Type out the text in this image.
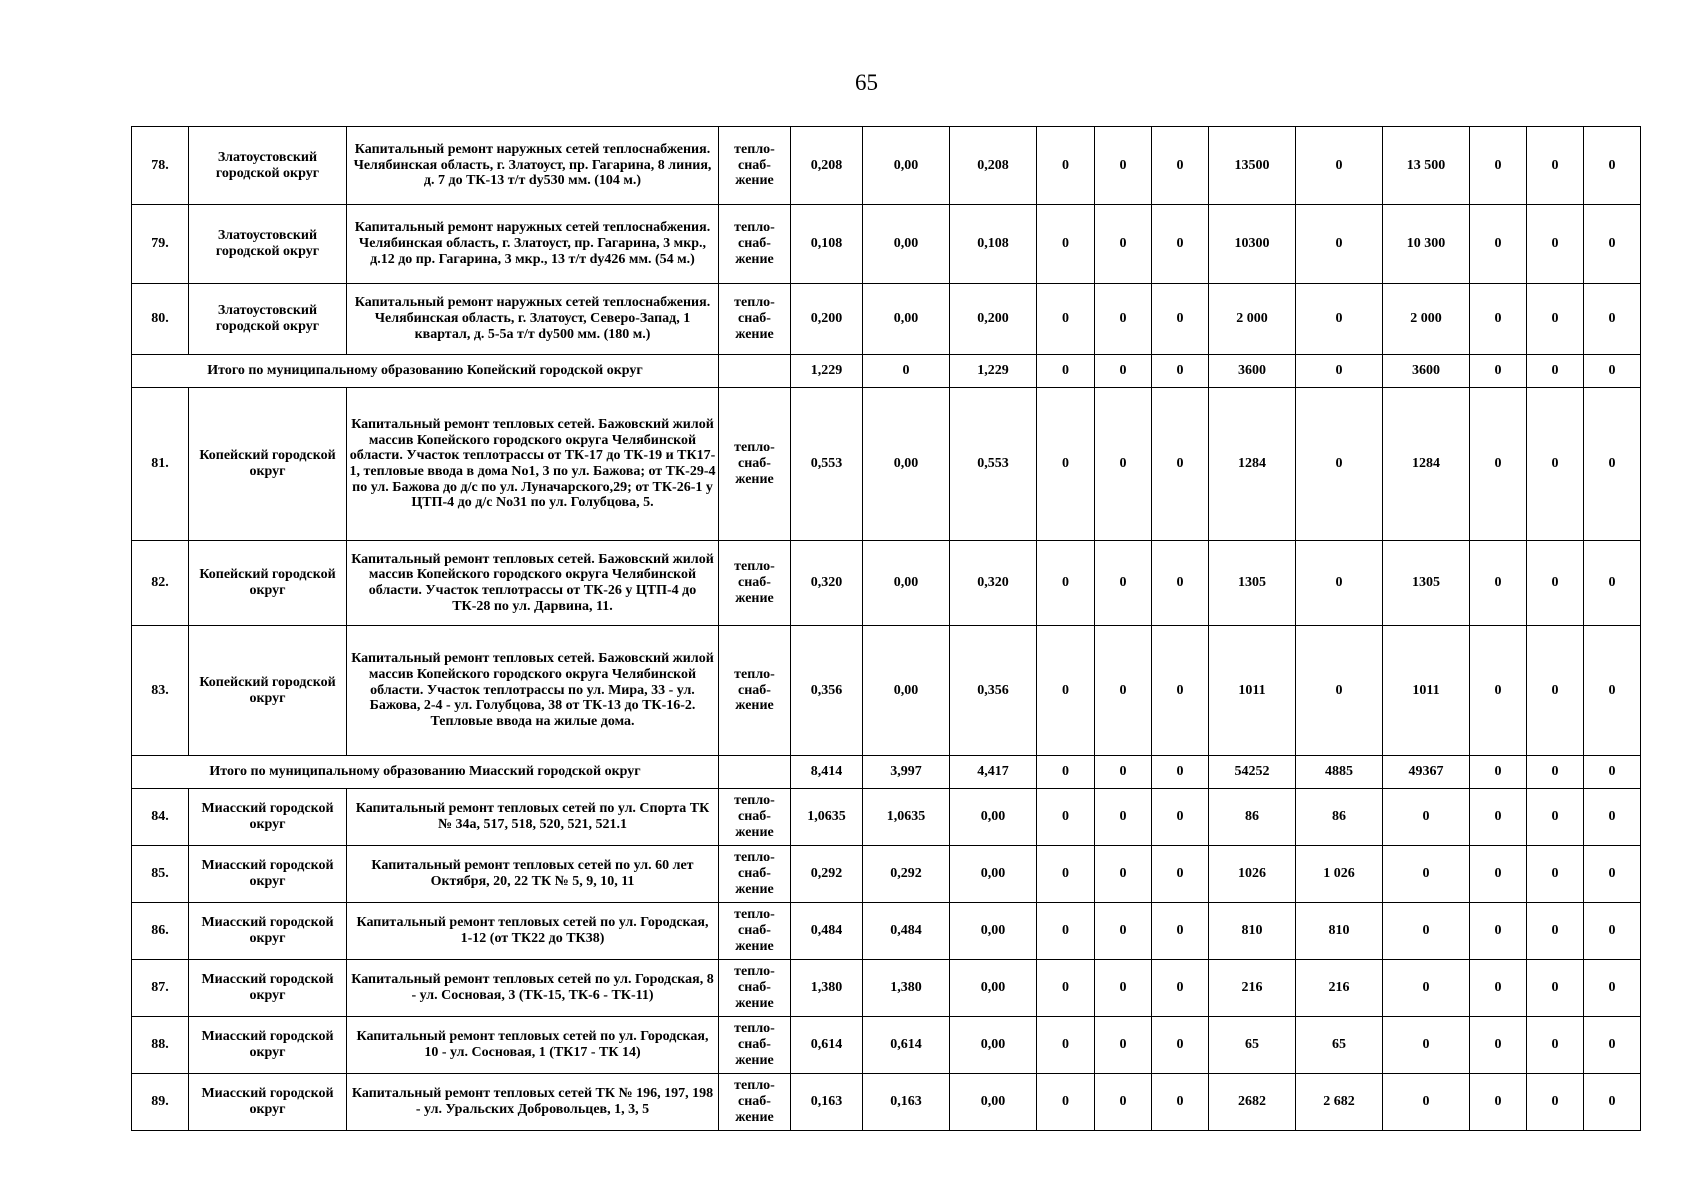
65
78.	Златоустовский городской округ	Капитальный ремонт наружных сетей теплоснабжения. Челябинская область, г. Златоуст, пр. Гагарина, 8 линия, д. 7 до ТК-13 т/т dy530 мм. (104 м.)	тепло-снаб-жение	0,208	0,00	0,208	0	0	0	13500	0	13 500	0	0	0
79.	Златоустовский городской округ	Капитальный ремонт наружных сетей теплоснабжения. Челябинская область, г. Златоуст, пр. Гагарина, 3 мкр., д.12 до пр. Гагарина, 3 мкр., 13 т/т dy426 мм. (54 м.)	тепло-снаб-жение	0,108	0,00	0,108	0	0	0	10300	0	10 300	0	0	0
80.	Златоустовский городской округ	Капитальный ремонт наружных сетей теплоснабжения. Челябинская область, г. Златоуст, Северо-Запад, 1 квартал, д. 5-5а т/т dy500 мм. (180 м.)	тепло-снаб-жение	0,200	0,00	0,200	0	0	0	2 000	0	2 000	0	0	0
Итого по муниципальному образованию Копейский городской округ				1,229	0	1,229	0	0	0	3600	0	3600	0	0	0
81.	Копейский городской округ	Капитальный ремонт тепловых сетей. Бажовский жилой массив Копейского городского округа Челябинской области. Участок теплотрассы от ТК-17 до ТК-19 и ТК17-1, тепловые ввода в дома No1, 3 по ул. Бажова; от ТК-29-4 по ул. Бажова до д/с по ул. Луначарского,29; от ТК-26-1 у ЦТП-4 до д/с No31 по ул. Голубцова, 5.	тепло-снаб-жение	0,553	0,00	0,553	0	0	0	1284	0	1284	0	0	0
82.	Копейский городской округ	Капитальный ремонт тепловых сетей. Бажовский жилой массив Копейского городского округа Челябинской области. Участок теплотрассы от ТК-26 у ЦТП-4 до ТК-28 по ул. Дарвина, 11.	тепло-снаб-жение	0,320	0,00	0,320	0	0	0	1305	0	1305	0	0	0
83.	Копейский городской округ	Капитальный ремонт тепловых сетей. Бажовский жилой массив Копейского городского округа Челябинской области. Участок теплотрассы по ул. Мира, 33 - ул. Бажова, 2-4 - ул. Голубцова, 38 от ТК-13 до ТК-16-2. Тепловые ввода на жилые дома.	тепло-снаб-жение	0,356	0,00	0,356	0	0	0	1011	0	1011	0	0	0
Итого по муниципальному образованию Миасский городской округ				8,414	3,997	4,417	0	0	0	54252	4885	49367	0	0	0
84.	Миасский городской округ	Капитальный ремонт тепловых сетей по ул. Спорта ТК № 34а, 517, 518, 520, 521, 521.1	тепло-снаб-жение	1,0635	1,0635	0,00	0	0	0	86	86	0	0	0	0
85.	Миасский городской округ	Капитальный ремонт тепловых сетей по ул. 60 лет Октября, 20, 22 ТК № 5, 9, 10, 11	тепло-снаб-жение	0,292	0,292	0,00	0	0	0	1026	1 026	0	0	0	0
86.	Миасский городской округ	Капитальный ремонт тепловых сетей по ул. Городская, 1-12 (от ТК22 до ТК38)	тепло-снаб-жение	0,484	0,484	0,00	0	0	0	810	810	0	0	0	0
87.	Миасский городской округ	Капитальный ремонт тепловых сетей по ул. Городская, 8 - ул. Сосновая, 3 (ТК-15, ТК-6 - ТК-11)	тепло-снаб-жение	1,380	1,380	0,00	0	0	0	216	216	0	0	0	0
88.	Миасский городской округ	Капитальный ремонт тепловых сетей по ул. Городская, 10 - ул. Сосновая, 1 (ТК17 - ТК 14)	тепло-снаб-жение	0,614	0,614	0,00	0	0	0	65	65	0	0	0	0
89.	Миасский городской округ	Капитальный ремонт тепловых сетей ТК № 196, 197, 198 - ул. Уральских Добровольцев, 1, 3, 5	тепло-снаб-жение	0,163	0,163	0,00	0	0	0	2682	2 682	0	0	0	0
